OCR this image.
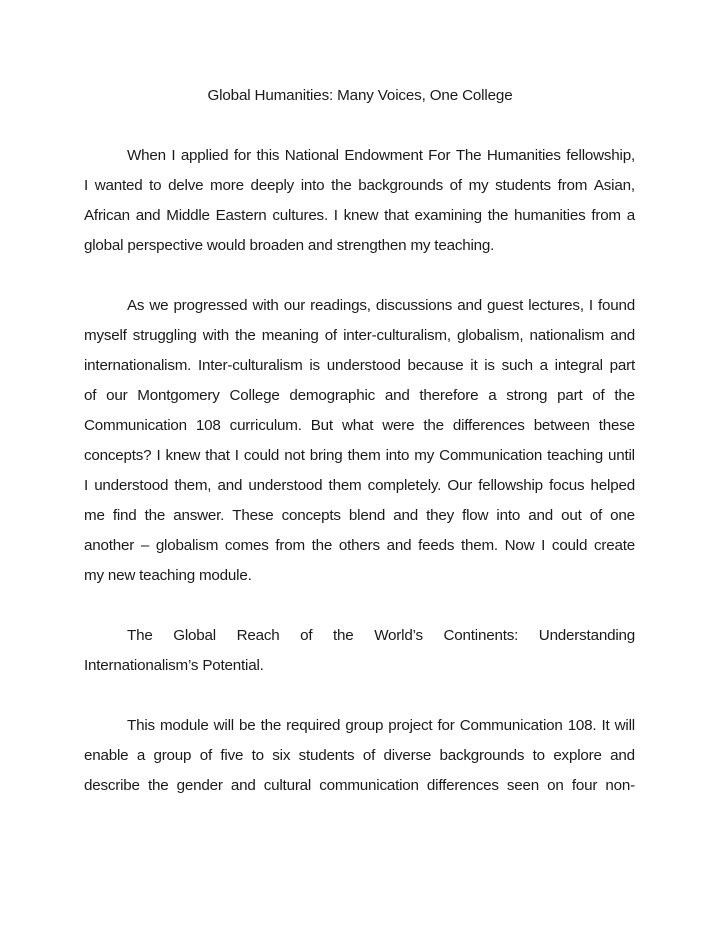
Global Humanities: Many Voices, One College
When I applied for this National Endowment For The Humanities fellowship,
I wanted to delve more deeply into the backgrounds of my students from Asian,
African and Middle Eastern cultures. I knew that examining the humanities from a
global perspective would broaden and strengthen my teaching.
As we progressed with our readings, discussions and guest lectures, I found
myself struggling with the meaning of inter-culturalism, globalism, nationalism and
internationalism. Inter-culturalism is understood because it is such a integral part
of our Montgomery College demographic and therefore a strong part of the
Communication 108 curriculum. But what were the differences between these
concepts? I knew that I could not bring them into my Communication teaching until
I understood them, and understood them completely. Our fellowship focus helped
me find the answer. These concepts blend and they flow into and out of one
another – globalism comes from the others and feeds them. Now I could create
my new teaching module.
The Global Reach of the World’s Continents: Understanding
Internationalism’s Potential.
This module will be the required group project for Communication 108. It will
enable a group of five to six students of diverse backgrounds to explore and
describe the gender and cultural communication differences seen on four non-
